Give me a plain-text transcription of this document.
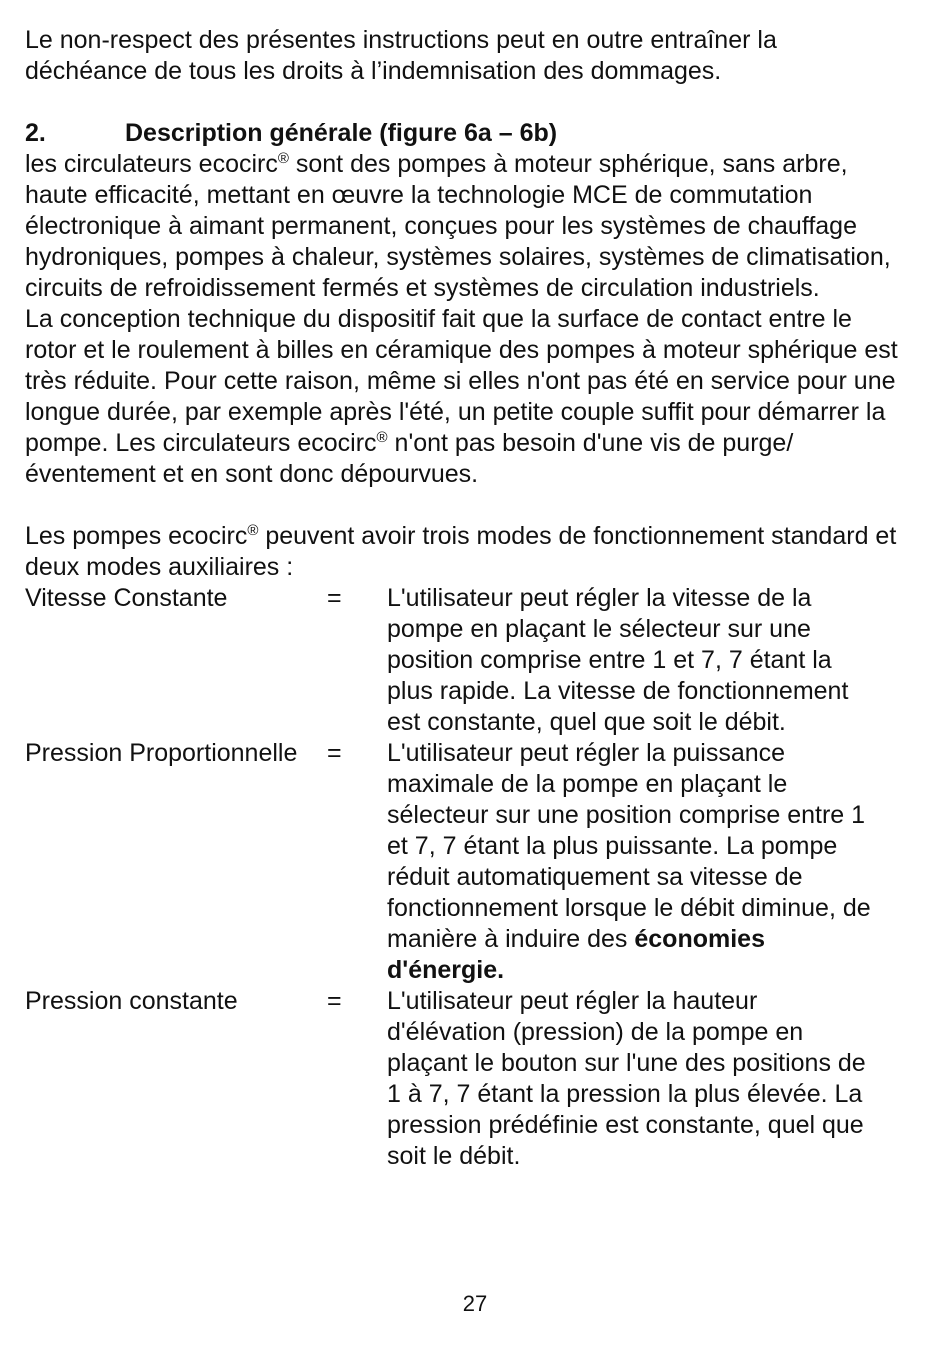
Le non-respect des présentes instructions peut en outre entraîner la

déchéance de tous les droits à l’indemnisation des dommages.

2.	Description générale (figure 6a – 6b)

les circulateurs ecocirc® sont des pompes à moteur sphérique, sans arbre, haute efficacité, mettant en œuvre la technologie MCE de commutation électronique à aimant permanent, conçues pour les systèmes de chauffage hydroniques, pompes à chaleur, systèmes solaires, systèmes de climatisation, circuits de refroidissement fermés et systèmes de circulation industriels.

La conception technique du dispositif fait que la surface de contact entre le rotor et le roulement à billes en céramique des pompes à moteur sphérique est très réduite. Pour cette raison, même si elles n'ont pas été en service pour une longue durée, par exemple après l'été, un petite couple suffit pour démarrer la pompe. Les circulateurs ecocirc® n'ont pas besoin d'une vis de purge/éventement et en sont donc dépourvues.

Les pompes ecocirc® peuvent avoir trois modes de fonctionnement standard et deux modes auxiliaires :

Vitesse Constante	=	L'utilisateur peut régler la vitesse de la pompe en plaçant le sélecteur sur une position comprise entre 1 et 7, 7 étant la plus rapide. La vitesse de fonctionnement est constante, quel que soit le débit.
Pression Proportionnelle	=	L'utilisateur peut régler la puissance maximale de la pompe en plaçant le sélecteur sur une position comprise entre 1 et 7, 7 étant la plus puissante. La pompe réduit automatiquement sa vitesse de fonctionnement lorsque le débit diminue, de manière à induire des économies d'énergie.
Pression constante	=	L'utilisateur peut régler la hauteur d'élévation (pression) de la pompe en plaçant le bouton sur l'une des positions de 1 à 7, 7 étant la pression la plus élevée. La pression prédéfinie est constante, quel que soit le débit.
27
